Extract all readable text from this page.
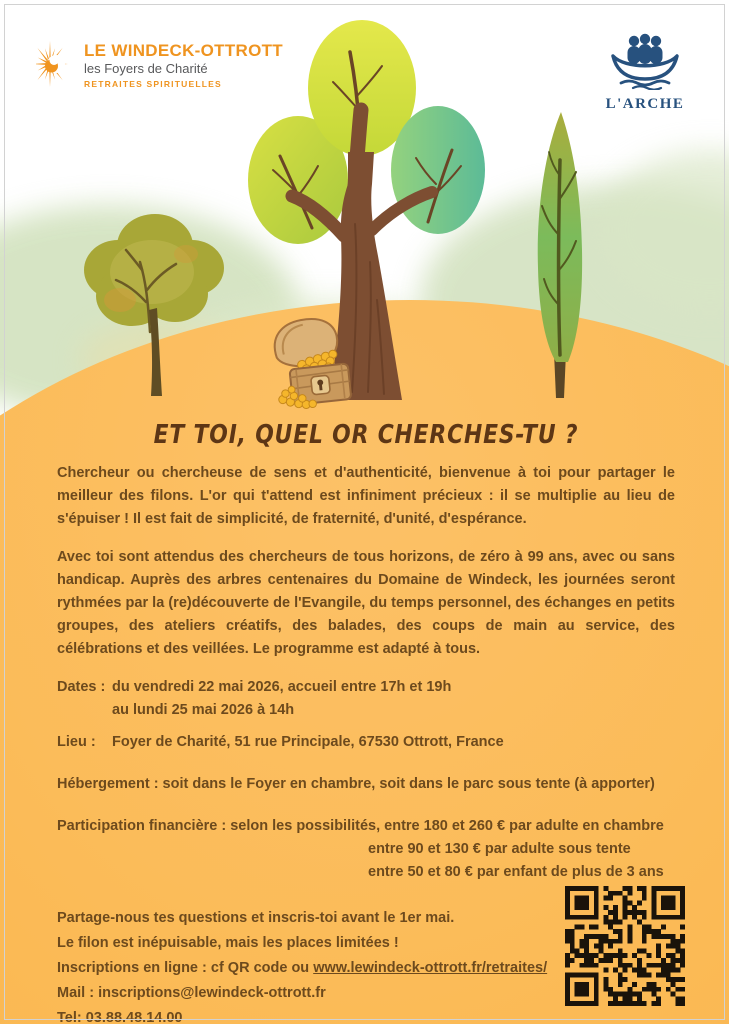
LE WINDECK-OTTROTT
les Foyers de Charité
RETRAITES SPIRITUELLES
L'ARCHE
ET TOI, QUEL OR CHERCHES-TU ?

Chercheur ou chercheuse de sens et d'authenticité, bienvenue à toi pour partager le meilleur des filons. L'or qui t'attend est infiniment précieux : il se multiplie au lieu de s'épuiser ! Il est fait de simplicité, de fraternité, d'unité, d'espérance.

Avec toi sont attendus des chercheurs de tous horizons, de zéro à 99 ans, avec ou sans handicap. Auprès des arbres centenaires du Domaine de Windeck, les journées seront rythmées par la (re)découverte de l'Evangile, du temps personnel, des échanges en petits groupes, des ateliers créatifs, des balades, des coups de main au service, des célébrations et des veillées. Le programme est adapté à tous.

Dates : du vendredi 22 mai 2026, accueil entre 17h et 19h
au lundi 25 mai 2026 à 14h
Lieu : Foyer de Charité, 51 rue Principale, 67530 Ottrott, France
Hébergement : soit dans le Foyer en chambre, soit dans le parc sous tente (à apporter)
Participation financière : selon les possibilités, entre 180 et 260 € par adulte en chambre
entre 90 et 130 € par adulte sous tente
entre 50 et 80 € par enfant de plus de 3 ans
Partage-nous tes questions et inscris-toi avant le 1er mai.
Le filon est inépuisable, mais les places limitées !
Inscriptions en ligne : cf QR code ou www.lewindeck-ottrott.fr/retraites/
Mail : inscriptions@lewindeck-ottrott.fr
Tel: 03.88.48.14.00
